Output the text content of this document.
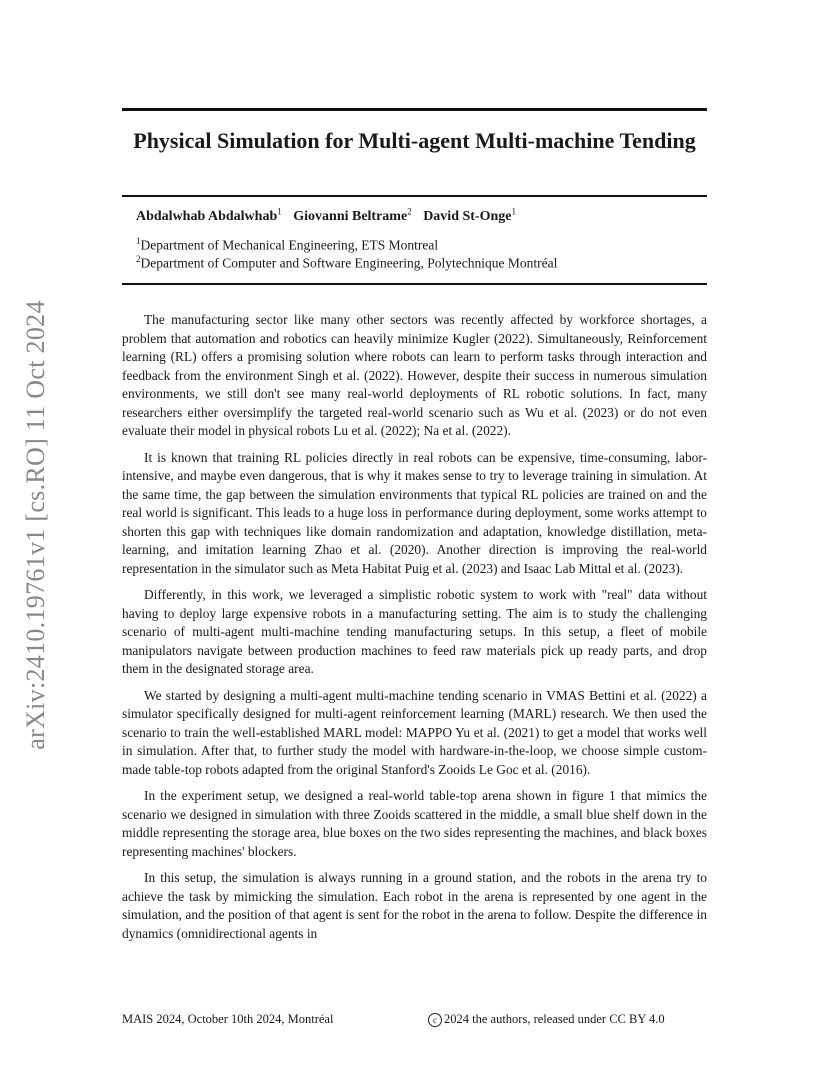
arXiv:2410.19761v1 [cs.RO] 11 Oct 2024
Physical Simulation for Multi-agent Multi-machine Tending
Abdalwhab Abdalwhab$^1$ Giovanni Beltrame$^2$ David St-Onge$^1$
$^1$Department of Mechanical Engineering, ETS Montreal
$^2$Department of Computer and Software Engineering, Polytechnique Montréal

The manufacturing sector like many other sectors was recently affected by workforce shortages, a problem that automation and robotics can heavily minimize Kugler (2022). Simultaneously, Reinforcement learning (RL) offers a promising solution where robots can learn to perform tasks through interaction and feedback from the environment Singh et al. (2022). However, despite their success in numerous simulation environments, we still don't see many real-world deployments of RL robotic solutions. In fact, many researchers either oversimplify the targeted real-world scenario such as Wu et al. (2023) or do not even evaluate their model in physical robots Lu et al. (2022); Na et al. (2022).

It is known that training RL policies directly in real robots can be expensive, time-consuming, labor-intensive, and maybe even dangerous, that is why it makes sense to try to leverage training in simulation. At the same time, the gap between the simulation environments that typical RL policies are trained on and the real world is significant. This leads to a huge loss in performance during deployment, some works attempt to shorten this gap with techniques like domain randomization and adaptation, knowledge distillation, meta-learning, and imitation learning Zhao et al. (2020). Another direction is improving the real-world representation in the simulator such as Meta Habitat Puig et al. (2023) and Isaac Lab Mittal et al. (2023).

Differently, in this work, we leveraged a simplistic robotic system to work with "real" data without having to deploy large expensive robots in a manufacturing setting. The aim is to study the challenging scenario of multi-agent multi-machine tending manufacturing setups. In this setup, a fleet of mobile manipulators navigate between production machines to feed raw materials pick up ready parts, and drop them in the designated storage area.

We started by designing a multi-agent multi-machine tending scenario in VMAS Bettini et al. (2022) a simulator specifically designed for multi-agent reinforcement learning (MARL) research. We then used the scenario to train the well-established MARL model: MAPPO Yu et al. (2021) to get a model that works well in simulation. After that, to further study the model with hardware-in-the-loop, we choose simple custom-made table-top robots adapted from the original Stanford's Zooids Le Goc et al. (2016).

In the experiment setup, we designed a real-world table-top arena shown in figure 1 that mimics the scenario we designed in simulation with three Zooids scattered in the middle, a small blue shelf down in the middle representing the storage area, blue boxes on the two sides representing the machines, and black boxes representing machines' blockers.

In this setup, the simulation is always running in a ground station, and the robots in the arena try to achieve the task by mimicking the simulation. Each robot in the arena is represented by one agent in the simulation, and the position of that agent is sent for the robot in the arena to follow. Despite the difference in dynamics (omnidirectional agents in

MAIS 2024, October 10th 2024, Montréal	c 2024 the authors, released under CC BY 4.0
